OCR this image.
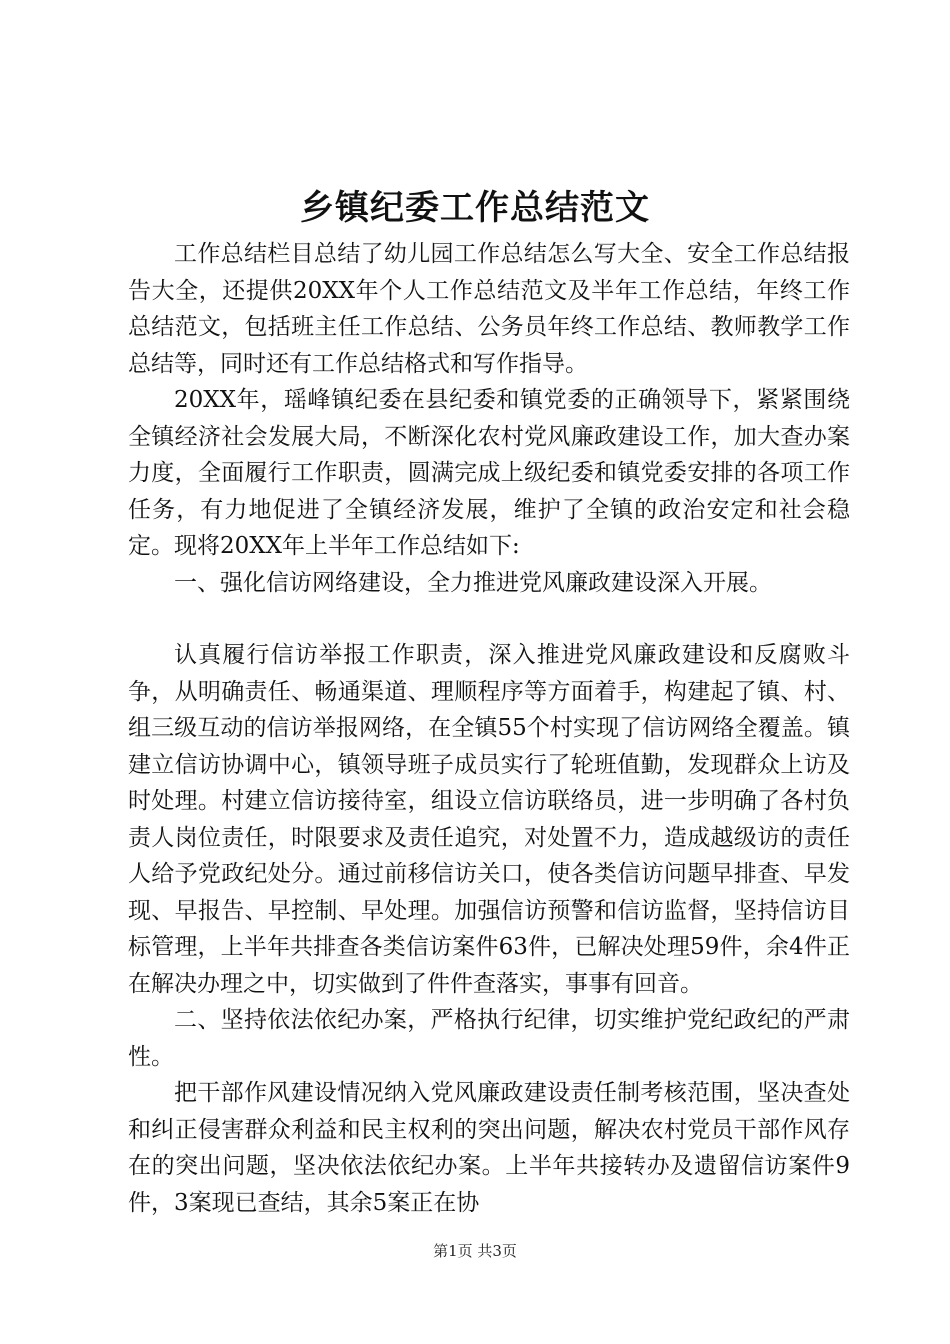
乡镇纪委工作总结范文

工作总结栏目总结了幼儿园工作总结怎么写大全、安全工作总结报告大全，还提供20XX年个人工作总结范文及半年工作总结，年终工作总结范文，包括班主任工作总结、公务员年终工作总结、教师教学工作总结等，同时还有工作总结格式和写作指导。

20XX年，瑶峰镇纪委在县纪委和镇党委的正确领导下，紧紧围绕全镇经济社会发展大局，不断深化农村党风廉政建设工作，加大查办案力度，全面履行工作职责，圆满完成上级纪委和镇党委安排的各项工作任务，有力地促进了全镇经济发展，维护了全镇的政治安定和社会稳定。现将20XX年上半年工作总结如下:

一、强化信访网络建设，全力推进党风廉政建设深入开展。

认真履行信访举报工作职责，深入推进党风廉政建设和反腐败斗争，从明确责任、畅通渠道、理顺程序等方面着手，构建起了镇、村、组三级互动的信访举报网络，在全镇55个村实现了信访网络全覆盖。镇建立信访协调中心，镇领导班子成员实行了轮班值勤，发现群众上访及时处理。村建立信访接待室，组设立信访联络员，进一步明确了各村负责人岗位责任，时限要求及责任追究，对处置不力，造成越级访的责任人给予党政纪处分。通过前移信访关口，使各类信访问题早排查、早发现、早报告、早控制、早处理。加强信访预警和信访监督，坚持信访目标管理，上半年共排查各类信访案件63件，已解决处理59件，余4件正在解决办理之中，切实做到了件件查落实，事事有回音。

二、坚持依法依纪办案，严格执行纪律，切实维护党纪政纪的严肃性。

把干部作风建设情况纳入党风廉政建设责任制考核范围，坚决查处和纠正侵害群众利益和民主权利的突出问题，解决农村党员干部作风存在的突出问题，坚决依法依纪办案。上半年共接转办及遗留信访案件9件，3案现已查结，其余5案正在协

第1页 共3页
